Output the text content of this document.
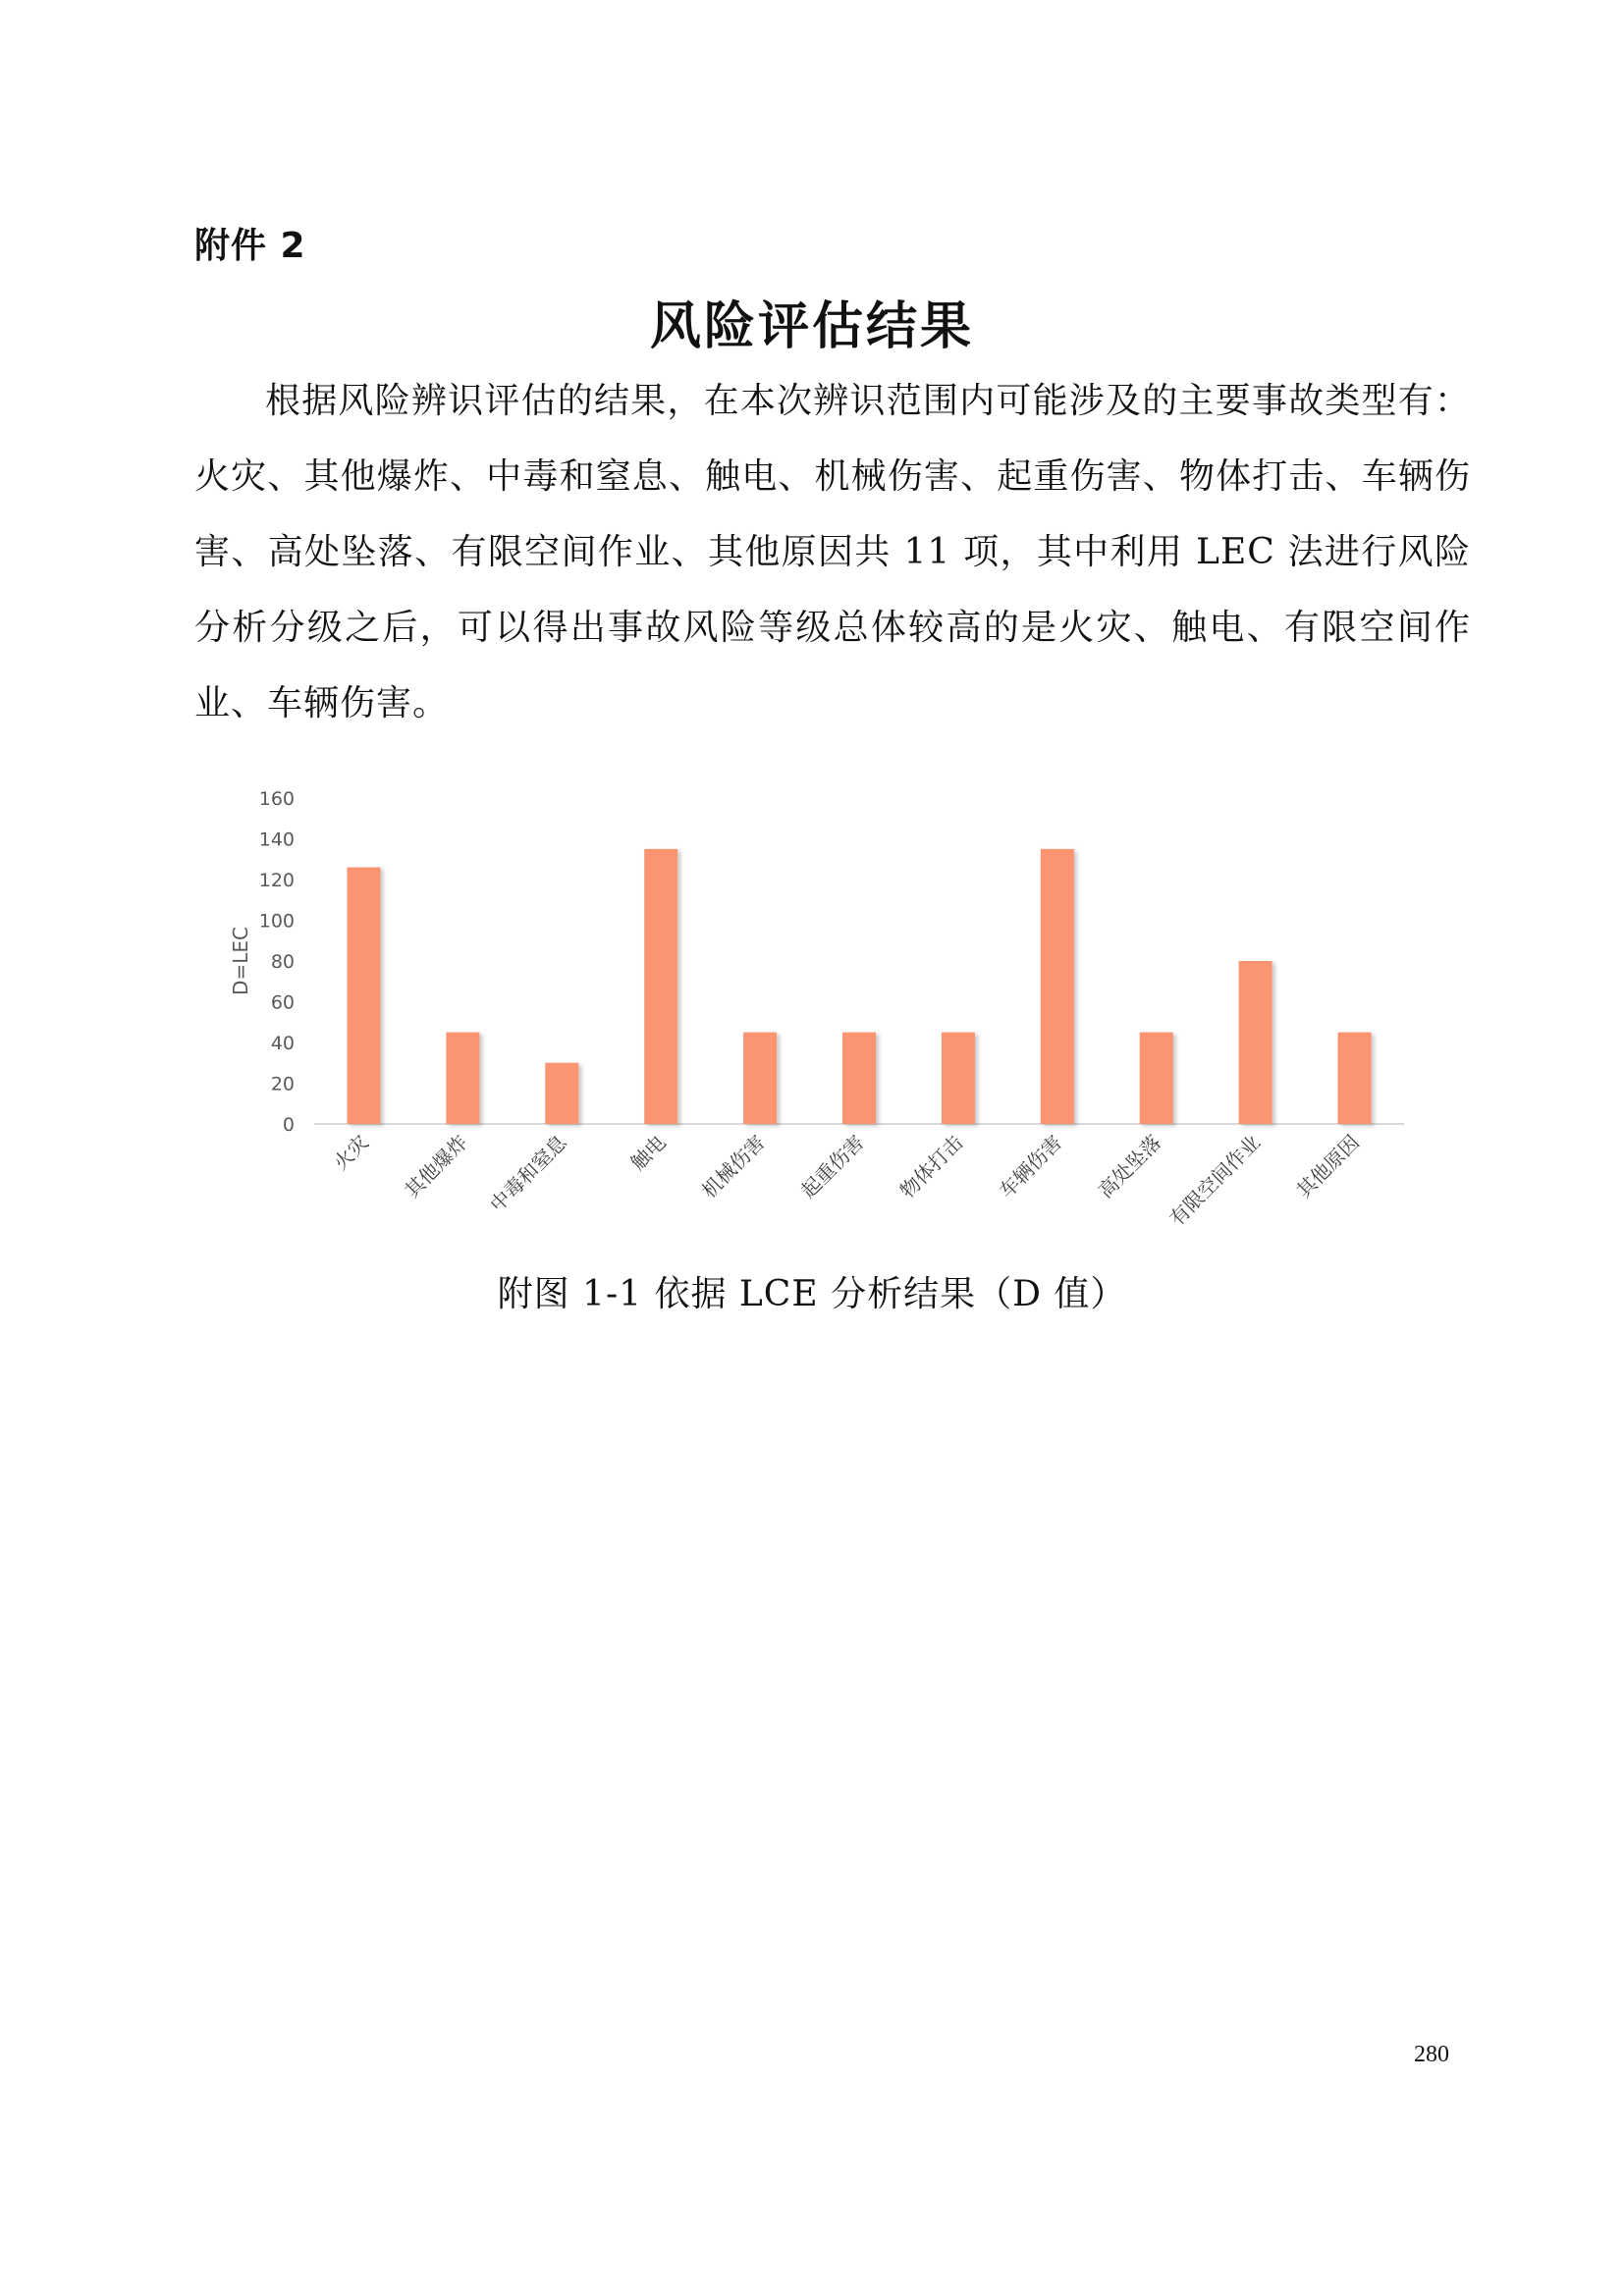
附件 2
风险评估结果

根据风险辨识评估的结果，在本次辨识范围内可能涉及的主要事故类型有：火灾、其他爆炸、中毒和窒息、触电、机械伤害、起重伤害、物体打击、车辆伤害、高处坠落、有限空间作业、其他原因共 11 项，其中利用 LEC 法进行风险分析分级之后，可以得出事故风险等级总体较高的是火灾、触电、有限空间作业、车辆伤害。

0
20
40
60
80
100
120
140
160
D=LEC
火灾 其他爆炸 中毒和窒息	触电 机械伤害 起重伤害 物体打击 车辆伤害 高处坠落 有限空间作业 其他原因
附图 1-1 依据 LCE 分析结果（D 值）
280
